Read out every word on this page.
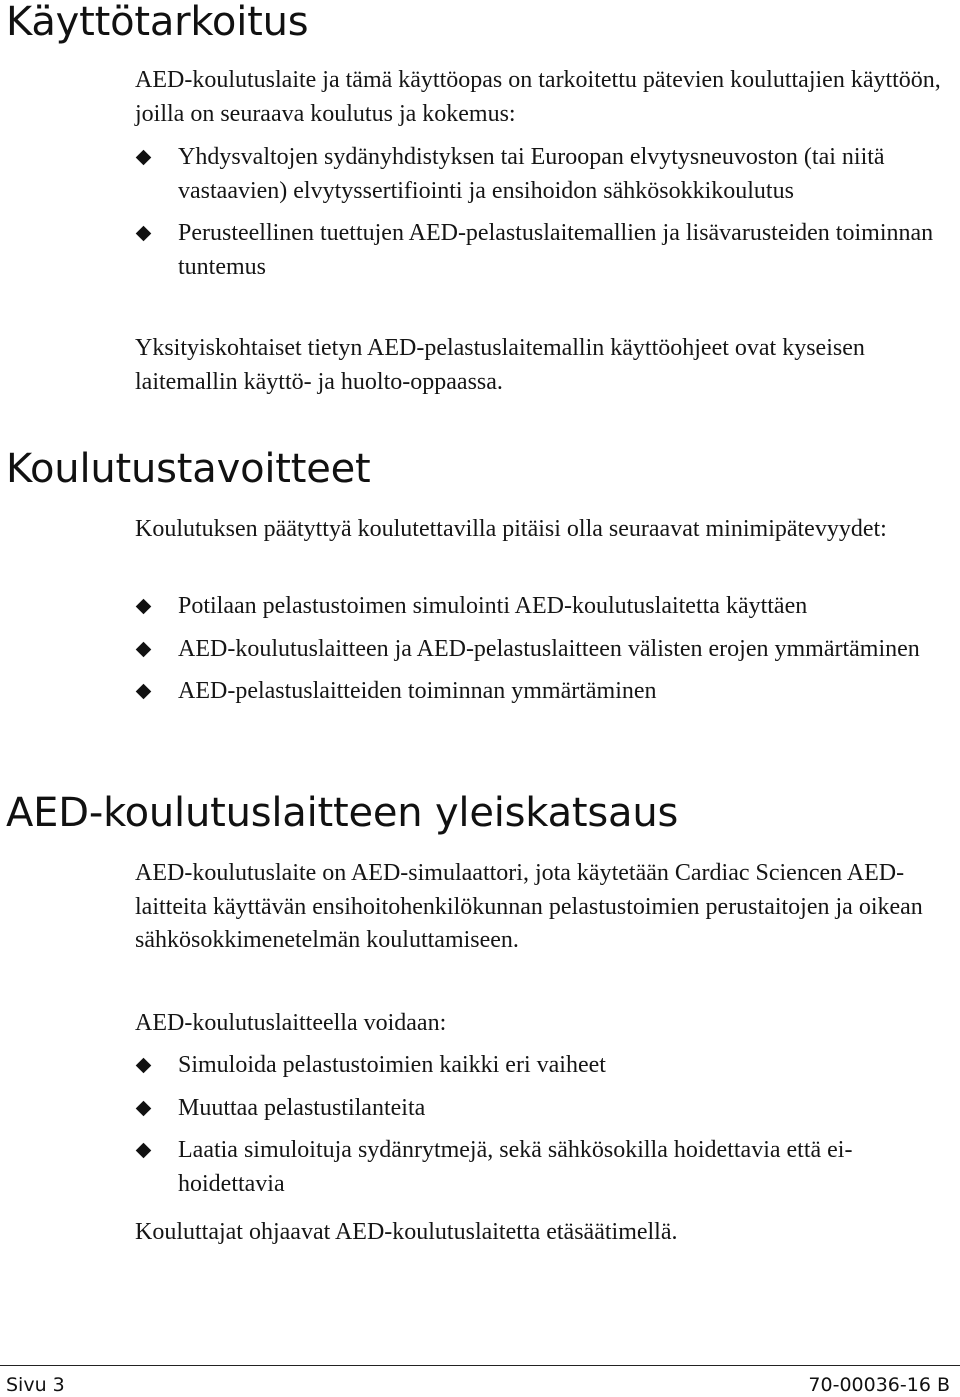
Käyttötarkoitus

AED-koulutuslaite ja tämä käyttöopas on tarkoitettu pätevien kouluttajien käyttöön, joilla on seuraava koulutus ja kokemus:

Yhdysvaltojen sydänyhdistyksen tai Euroopan elvytysneuvoston (tai niitä vastaavien) elvytyssertifiointi ja ensihoidon sähkösokkikoulutus
Perusteellinen tuettujen AED-pelastuslaitemallien ja lisävarusteiden toiminnan tuntemus

Yksityiskohtaiset tietyn AED-pelastuslaitemallin käyttöohjeet ovat kyseisen laitemallin käyttö- ja huolto-oppaassa.

Koulutustavoitteet

Koulutuksen päätyttyä koulutettavilla pitäisi olla seuraavat minimipätevyydet:

Potilaan pelastustoimen simulointi AED-koulutuslaitetta käyttäen
AED-koulutuslaitteen ja AED-pelastuslaitteen välisten erojen ymmärtäminen
AED-pelastuslaitteiden toiminnan ymmärtäminen
AED-koulutuslaitteen yleiskatsaus

AED-koulutuslaite on AED-simulaattori, jota käytetään Cardiac Sciencen AED-laitteita käyttävän ensihoitohenkilökunnan pelastustoimien perustaitojen ja oikean sähkösokkimenetelmän kouluttamiseen.

AED-koulutuslaitteella voidaan:

Simuloida pelastustoimien kaikki eri vaiheet
Muuttaa pelastustilanteita
Laatia simuloituja sydänrytmejä, sekä sähkösokilla hoidettavia että ei-hoidettavia

Kouluttajat ohjaavat AED-koulutuslaitetta etäsäätimellä.

Sivu 3	70-00036-16 B
